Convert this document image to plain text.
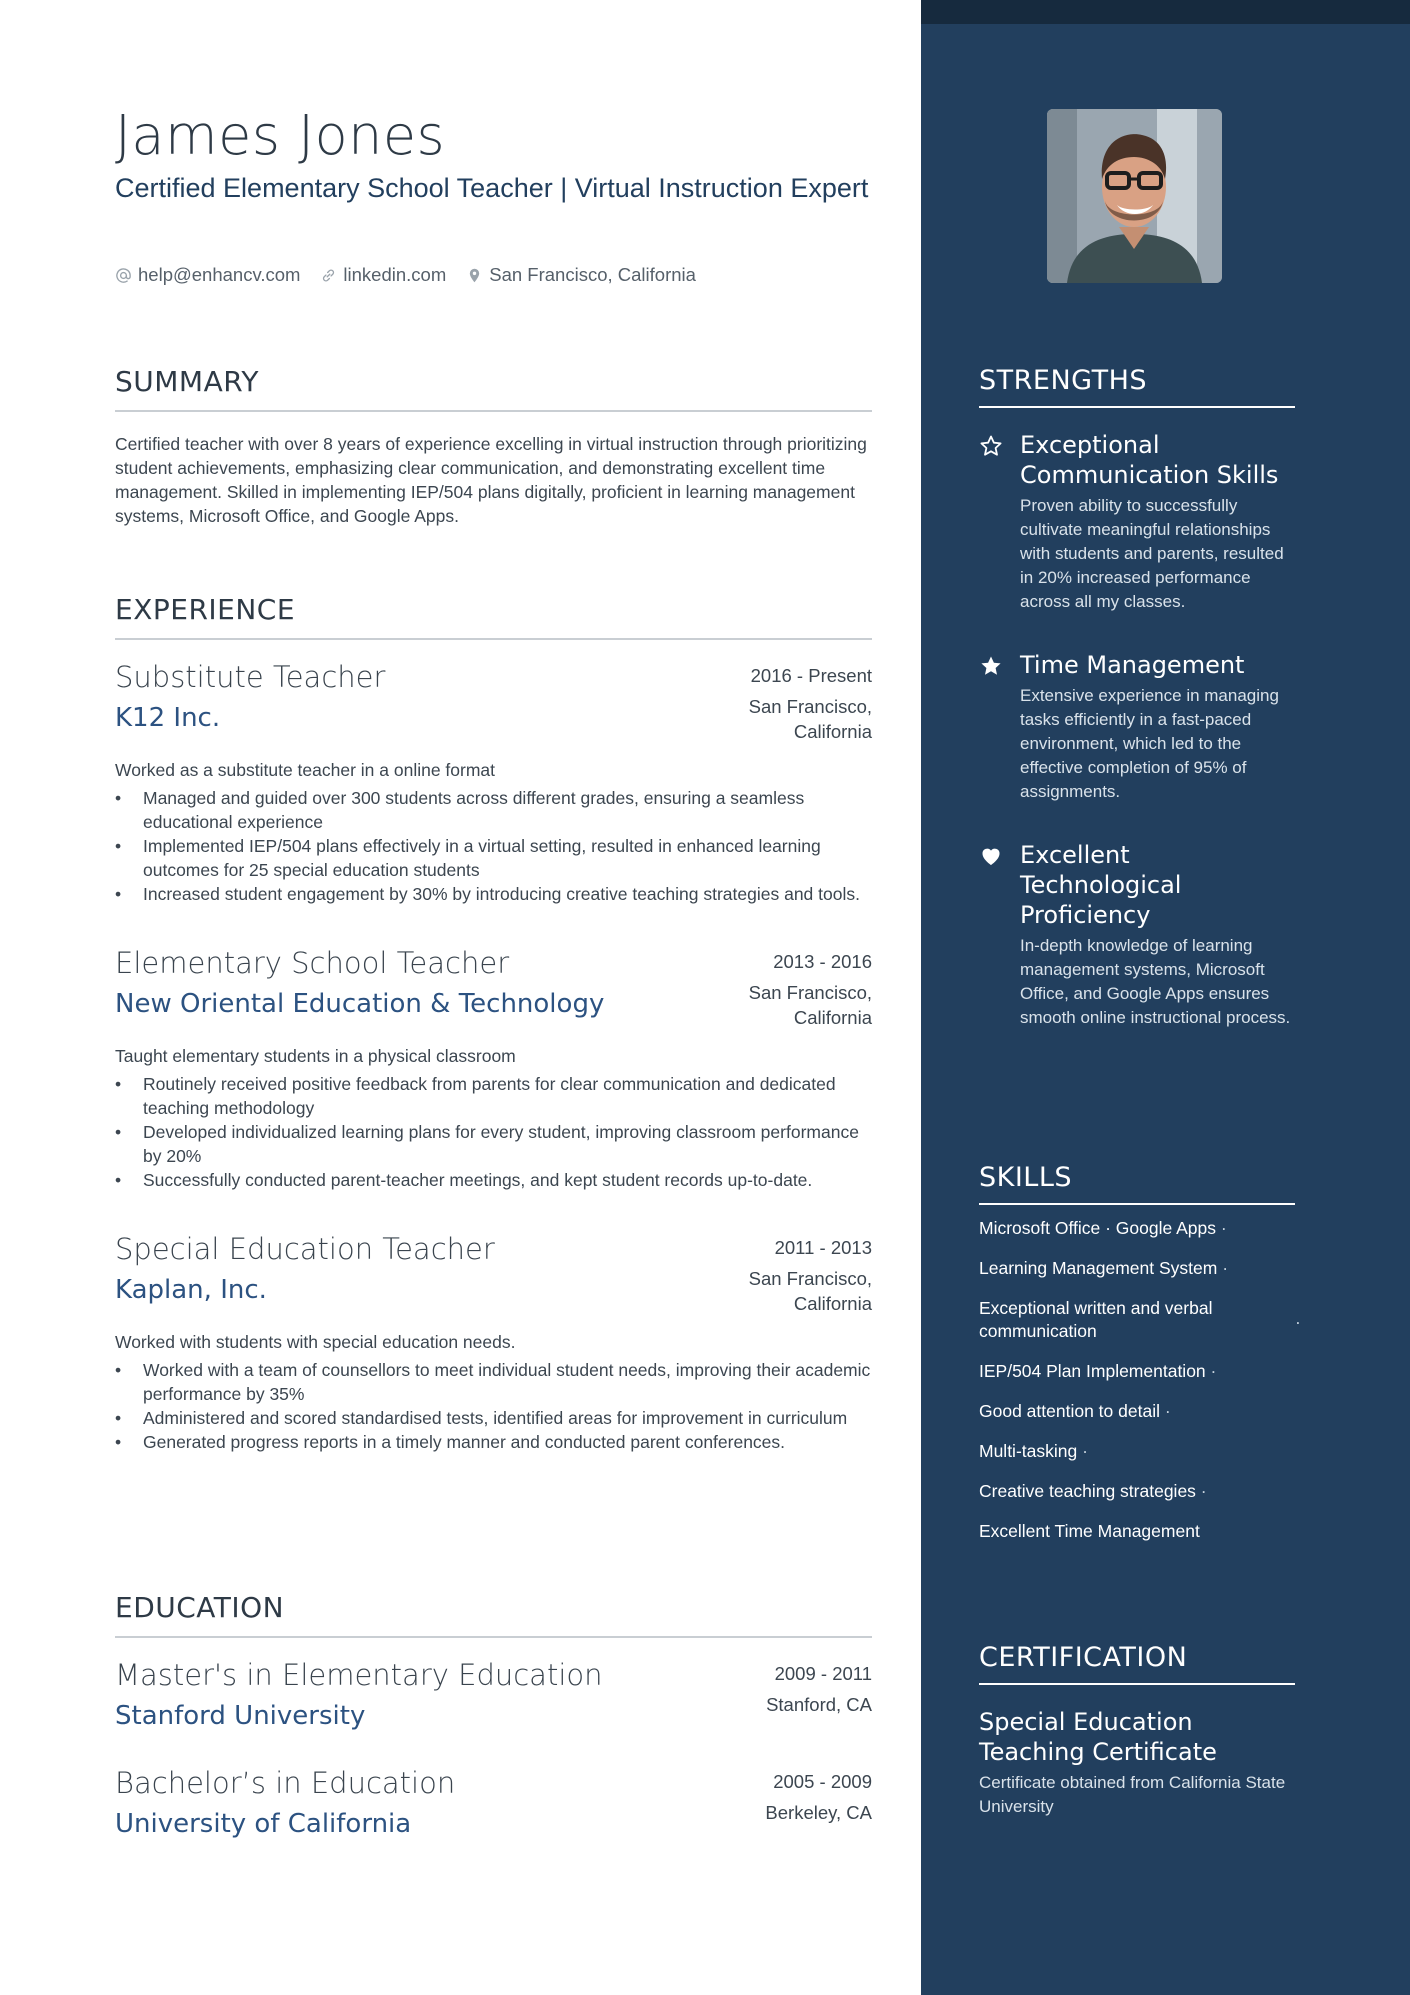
James Jones
Certified Elementary School Teacher | Virtual Instruction Expert
help@enhancv.com linkedin.com San Francisco, California
SUMMARY

Certified teacher with over 8 years of experience excelling in virtual instruction through prioritizing student achievements, emphasizing clear communication, and demonstrating excellent time management. Skilled in implementing IEP/504 plans digitally, proficient in learning management systems, Microsoft Office, and Google Apps.

EXPERIENCE
Substitute Teacher
K12 Inc.
2016 - Present
San Francisco, California
Worked as a substitute teacher in a online format
• Managed and guided over 300 students across different grades, ensuring a seamless educational experience
• Implemented IEP/504 plans effectively in a virtual setting, resulted in enhanced learning outcomes for 25 special education students
• Increased student engagement by 30% by introducing creative teaching strategies and tools.
Elementary School Teacher
New Oriental Education & Technology
2013 - 2016
San Francisco, California
Taught elementary students in a physical classroom
• Routinely received positive feedback from parents for clear communication and dedicated teaching methodology
• Developed individualized learning plans for every student, improving classroom performance by 20%
• Successfully conducted parent-teacher meetings, and kept student records up-to-date.
Special Education Teacher
Kaplan, Inc.
2011 - 2013
San Francisco, California
Worked with students with special education needs.
• Worked with a team of counsellors to meet individual student needs, improving their academic performance by 35%
• Administered and scored standardised tests, identified areas for improvement in curriculum
• Generated progress reports in a timely manner and conducted parent conferences.
EDUCATION
Master's in Elementary Education
Stanford University
2009 - 2011
Stanford, CA
Bachelor’s in Education
University of California
2005 - 2009
Berkeley, CA
STRENGTHS
Exceptional Communication Skills
Proven ability to successfully cultivate meaningful relationships with students and parents, resulted in 20% increased performance across all my classes.
Time Management
Extensive experience in managing tasks efficiently in a fast-paced environment, which led to the effective completion of 95% of assignments.
Excellent Technological Proficiency
In-depth knowledge of learning management systems, Microsoft Office, and Google Apps ensures smooth online instructional process.
SKILLS
Microsoft Office · Google Apps ·
Learning Management System ·
Exceptional written and verbal communication	·
IEP/504 Plan Implementation ·
Good attention to detail ·
Multi-tasking ·
Creative teaching strategies ·
Excellent Time Management
CERTIFICATION
Special Education Teaching Certificate
Certificate obtained from California State University
